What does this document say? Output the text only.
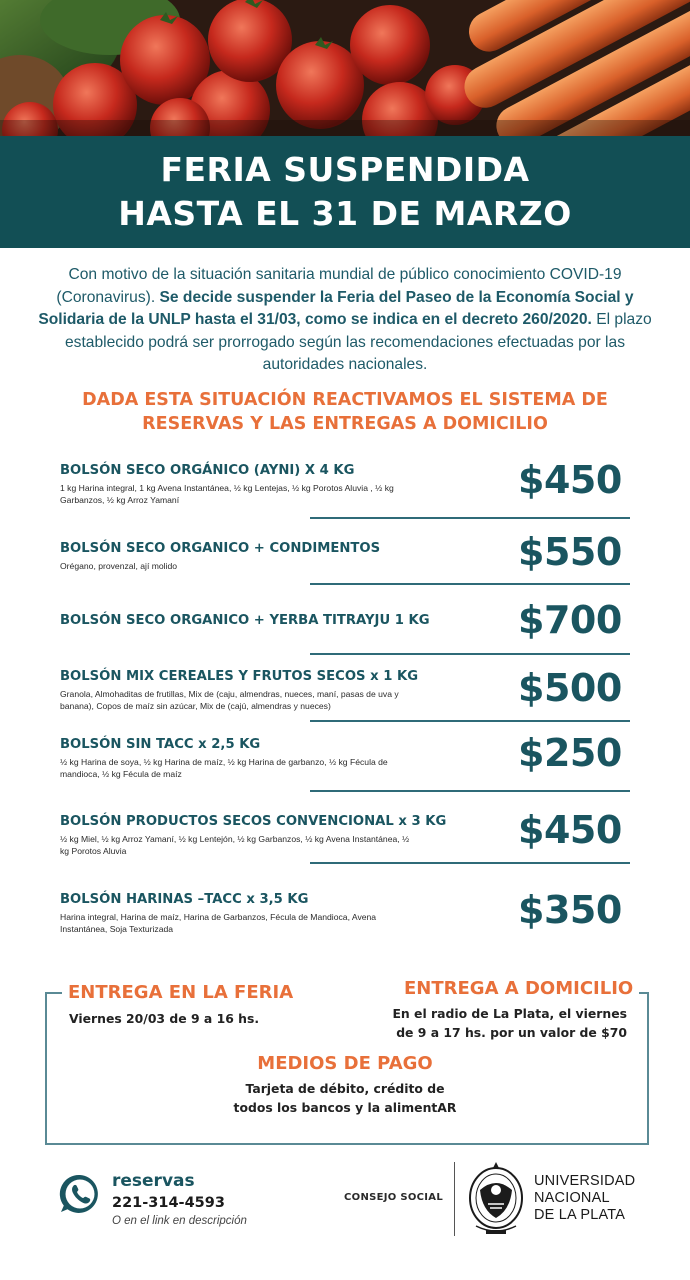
FERIA SUSPENDIDA
HASTA EL 31 DE MARZO

Con motivo de la situación sanitaria mundial de público conocimiento COVID-19 (Coronavirus). Se decide suspender la Feria del Paseo de la Economía Social y Solidaria de la UNLP hasta el 31/03, como se indica en el decreto 260/2020. El plazo establecido podrá ser prorrogado según las recomendaciones efectuadas por las autoridades nacionales.

DADA ESTA SITUACIÓN REACTIVAMOS EL SISTEMA DE
RESERVAS Y LAS ENTREGAS A DOMICILIO
BOLSÓN SECO ORGÁNICO (AYNI) X 4 KG
1 kg Harina integral, 1 kg Avena Instantánea, ½ kg Lentejas, ½ kg Porotos Aluvia , ½ kg Garbanzos, ½ kg Arroz Yamaní	$450
BOLSÓN SECO ORGANICO + CONDIMENTOS
Orégano, provenzal, ají molido	$550
BOLSÓN SECO ORGANICO + YERBA TITRAYJU 1 KG	$700
BOLSÓN MIX CEREALES Y FRUTOS SECOS x 1 KG
Granola, Almohaditas de frutillas, Mix de (caju, almendras, nueces, maní, pasas de uva y banana), Copos de maíz sin azúcar, Mix de (cajú, almendras y nueces)	$500
BOLSÓN SIN TACC x 2,5 KG
½ kg Harina de soya, ½ kg Harina de maíz, ½ kg Harina de garbanzo, ½ kg Fécula de mandioca, ½ kg Fécula de maíz	$250
BOLSÓN PRODUCTOS SECOS CONVENCIONAL x 3 KG
½ kg Miel, ½ kg Arroz Yamaní, ½ kg Lentejón, ½ kg Garbanzos, ½ kg Avena Instantánea, ½ kg Porotos Aluvia	$450
BOLSÓN HARINAS –TACC x 3,5 KG
Harina integral, Harina de maíz, Harina de Garbanzos, Fécula de Mandioca, Avena Instantánea, Soja Texturizada	$350
ENTREGA EN LA FERIA
Viernes 20/03 de 9 a 16 hs.
ENTREGA A DOMICILIO
En el radio de La Plata, el viernes
de 9 a 17 hs. por un valor de $70
MEDIOS DE PAGO
Tarjeta de débito, crédito de
todos los bancos y la alimentAR
reservas
221-314-4593
O en el link en descripción
CONSEJO SOCIAL
UNIVERSIDAD
NACIONAL
DE LA PLATA
